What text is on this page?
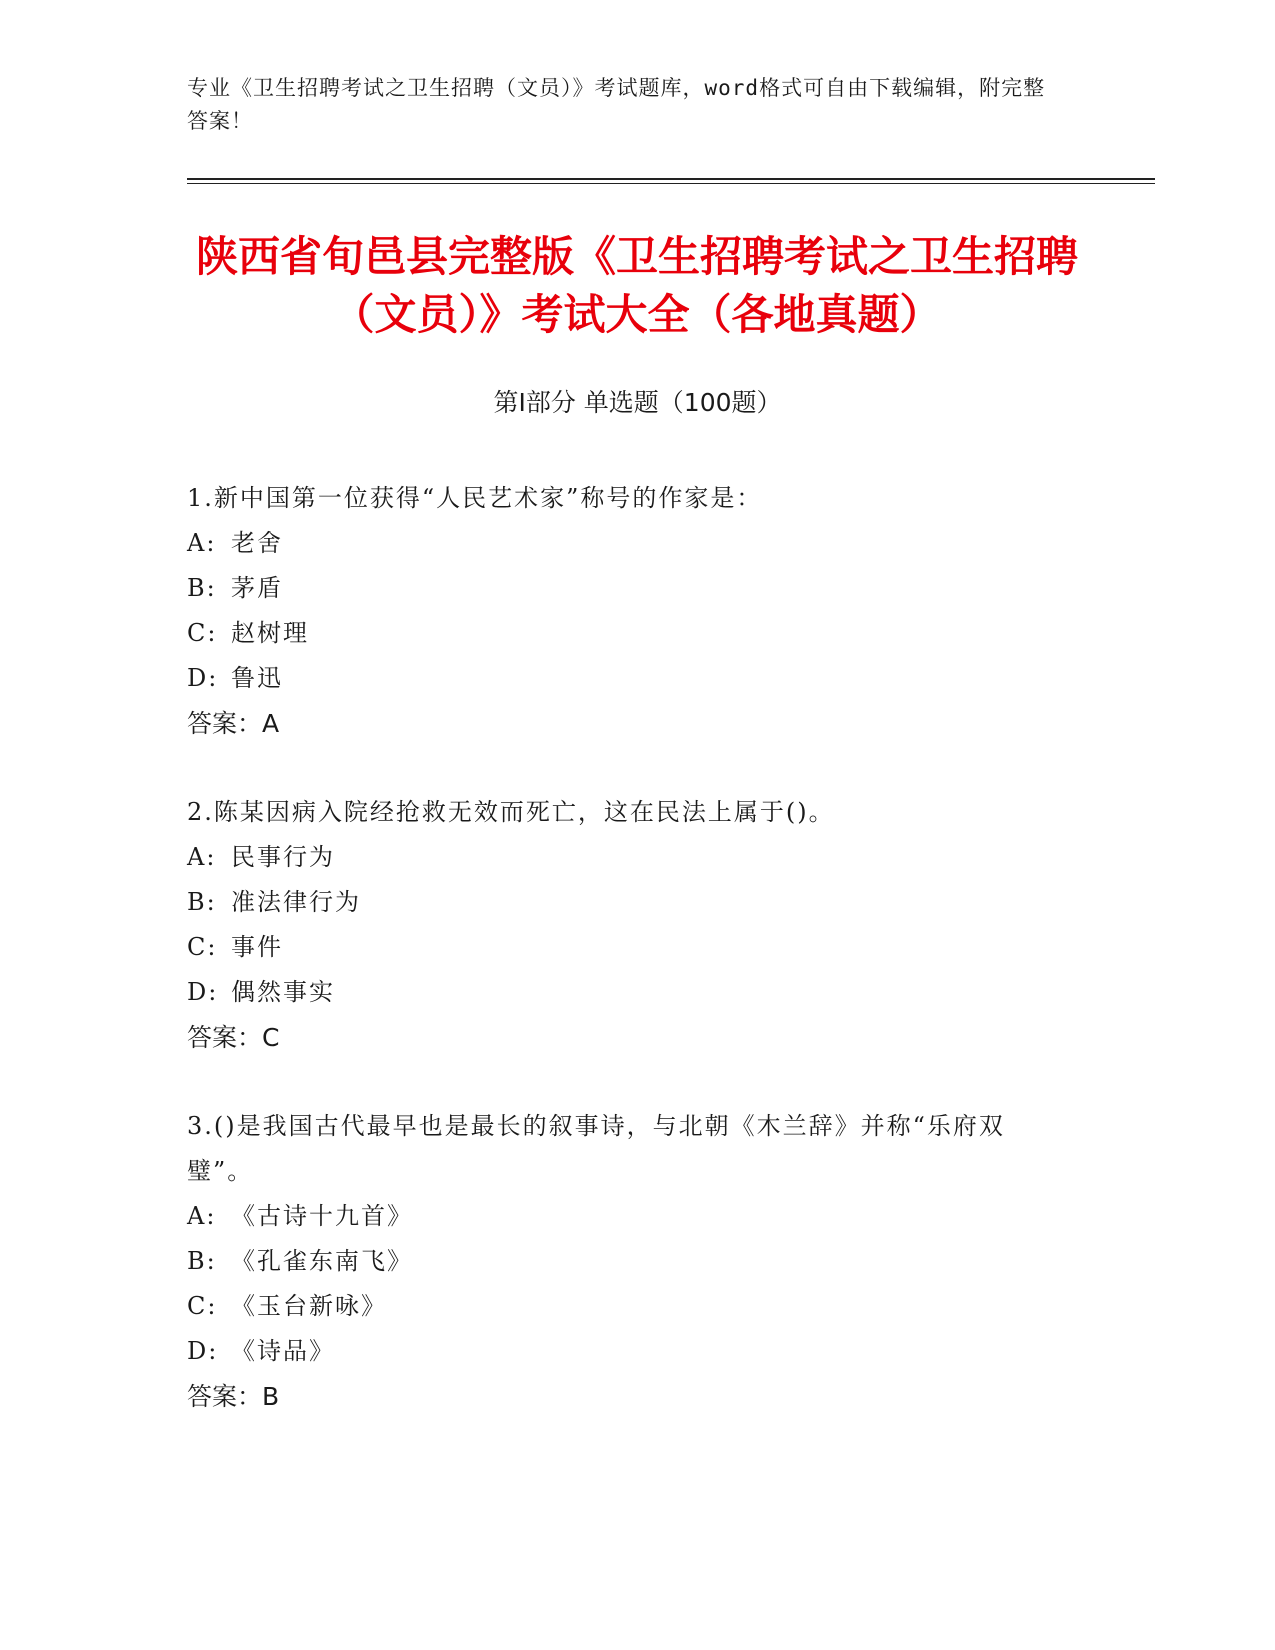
专业《卫生招聘考试之卫生招聘（文员）》考试题库，word格式可自由下载编辑，附完整答案！
陕西省旬邑县完整版《卫生招聘考试之卫生招聘（文员）》考试大全（各地真题）
第Ⅰ部分 单选题（100题）

1.新中国第一位获得“人民艺术家”称号的作家是：

A: 老舍

B: 茅盾

C: 赵树理

D: 鲁迅

答案：A

2.陈某因病入院经抢救无效而死亡，这在民法上属于()。

A: 民事行为

B: 准法律行为

C: 事件

D: 偶然事实

答案：C

3.()是我国古代最早也是最长的叙事诗，与北朝《木兰辞》并称“乐府双璧”。

A: 《古诗十九首》

B: 《孔雀东南飞》

C: 《玉台新咏》

D: 《诗品》

答案：B
